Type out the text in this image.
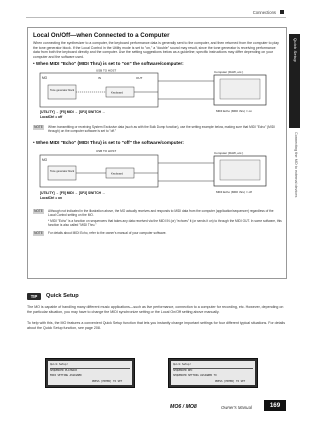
Connections
Quick Setup
Connecting the MO to external devices
Local On/Off—when Connected to a Computer
When connecting the synthesizer to a computer, the keyboard performance data is generally sent to the computer, and then returned from the computer to play the tone generator block. If the Local Control in the Utility mode is set to "on," a "double" sound may result, since the tone generator is receiving performance data from both the keyboard directly and the computer. Use the setting suggestions below as a guideline; specific instructions may differ depending on your computer and the software used.
• When MIDI "Echo" (MIDI Thru) is set to "on" the software/computer:
MO
USB TO HOST
IN	OUT
Tone generator block	Keyboard
Computer (DAW, etc.)
MIDI Echo (MIDI thru) = on
[UTILITY] → [F5] MIDI → [SF3] SWITCH →
LocalCtrl = off
NOTE	When transmitting or receiving System Exclusive data (such as with the Bulk Dump function), use the setting example below, making sure that MIDI "Echo" (MIDI through) on the computer software is set to "off."
• When MIDI "Echo" (MIDI Thru) is set to "off" the software/computer:
MO
USB TO HOST
Tone generator block	Keyboard
Computer (DAW, etc.)
MIDI Echo (MIDI thru) = off
[UTILITY] → [F5] MIDI → [SF3] SWITCH →
LocalCtrl = on
NOTE	Although not indicated in the illustration above, the MO actually receives and responds to MIDI data from the computer (application/sequencer) regardless of the Local Control setting on the MO.
* MIDI "Echo" is a function on sequencers that takes any data received via the MIDI IN (or) "echoes" it (or sends it on) to through the MIDI OUT. In some software, this function is also called "MIDI Thru."
NOTE	For details about MIDI Echo, refer to the owner's manual of your computer software.
TIP	Quick Setup
The MO is capable of handling many different music applications—such as live performance, connection to a computer for recording, etc. However, depending on the particular situation, you may have to change the MIDI synchronize setting or the Local On/Off setting above manually.
To help with this, the MO features a convenient Quick Setup function that lets you instantly change important settings for four different typical situations. For details about the Quick Setup function, see page 208.
Quick Setup!
SEQUENCER PLAYBACK
MIDI SETTING ASSIGNED
PRESS [ENTER] TO SET
Quick Setup!
SEQUENCER REC
SEQUENCER SETTING ASSIGNED TO
PRESS [ENTER] TO SET
MO6 / MO8	Owner's Manual	169
